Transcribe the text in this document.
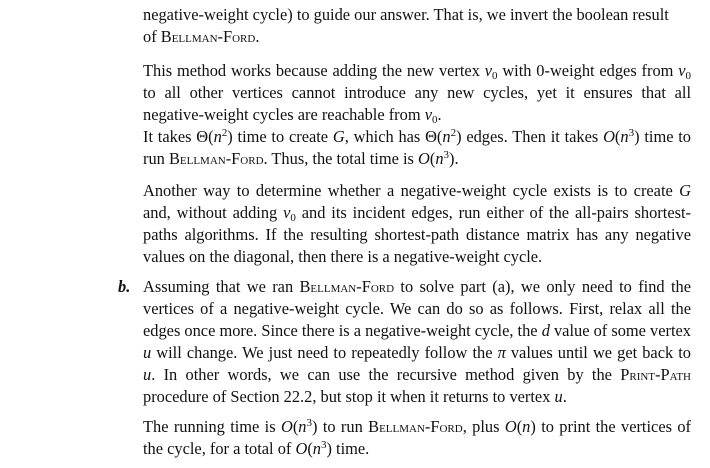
negative-weight cycle) to guide our answer. That is, we invert the boolean result
of Bellman-Ford.

This method works because adding the new vertex $v_0$ with 0-weight edges from $v_0$ to all other vertices cannot introduce any new cycles, yet it ensures that all negative-weight cycles are reachable from $v_0$.

It takes $\Theta(n^2)$ time to create G, which has $\Theta(n^2)$ edges. Then it takes $O(n^3)$ time to run Bellman-Ford. Thus, the total time is $O(n^3)$.

Another way to determine whether a negative-weight cycle exists is to create G and, without adding $v_0$ and its incident edges, run either of the all-pairs shortest-paths algorithms. If the resulting shortest-path distance matrix has any negative values on the diagonal, then there is a negative-weight cycle.

b. Assuming that we ran Bellman-Ford to solve part (a), we only need to find the vertices of a negative-weight cycle. We can do so as follows. First, relax all the edges once more. Since there is a negative-weight cycle, the d value of some vertex u will change. We just need to repeatedly follow the π values until we get back to u. In other words, we can use the recursive method given by the Print-Path procedure of Section 22.2, but stop it when it returns to vertex u.

The running time is $O(n^3)$ to run Bellman-Ford, plus O(n) to print the vertices of the cycle, for a total of $O(n^3)$ time.
